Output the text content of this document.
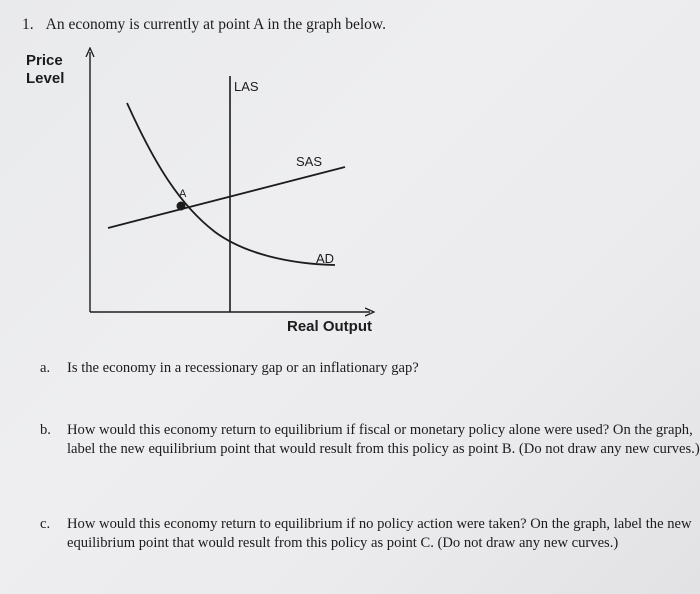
1. An economy is currently at point A in the graph below.
Price
Level	LAS
SAS
AD
A
Real Output
a. Is the economy in a recessionary gap or an inflationary gap?
b. How would this economy return to equilibrium if fiscal or monetary policy alone were used? On the graph, label the new equilibrium point that would result from this policy as point B. (Do not draw any new curves.)
c. How would this economy return to equilibrium if no policy action were taken? On the graph, label the new equilibrium point that would result from this policy as point C. (Do not draw any new curves.)
